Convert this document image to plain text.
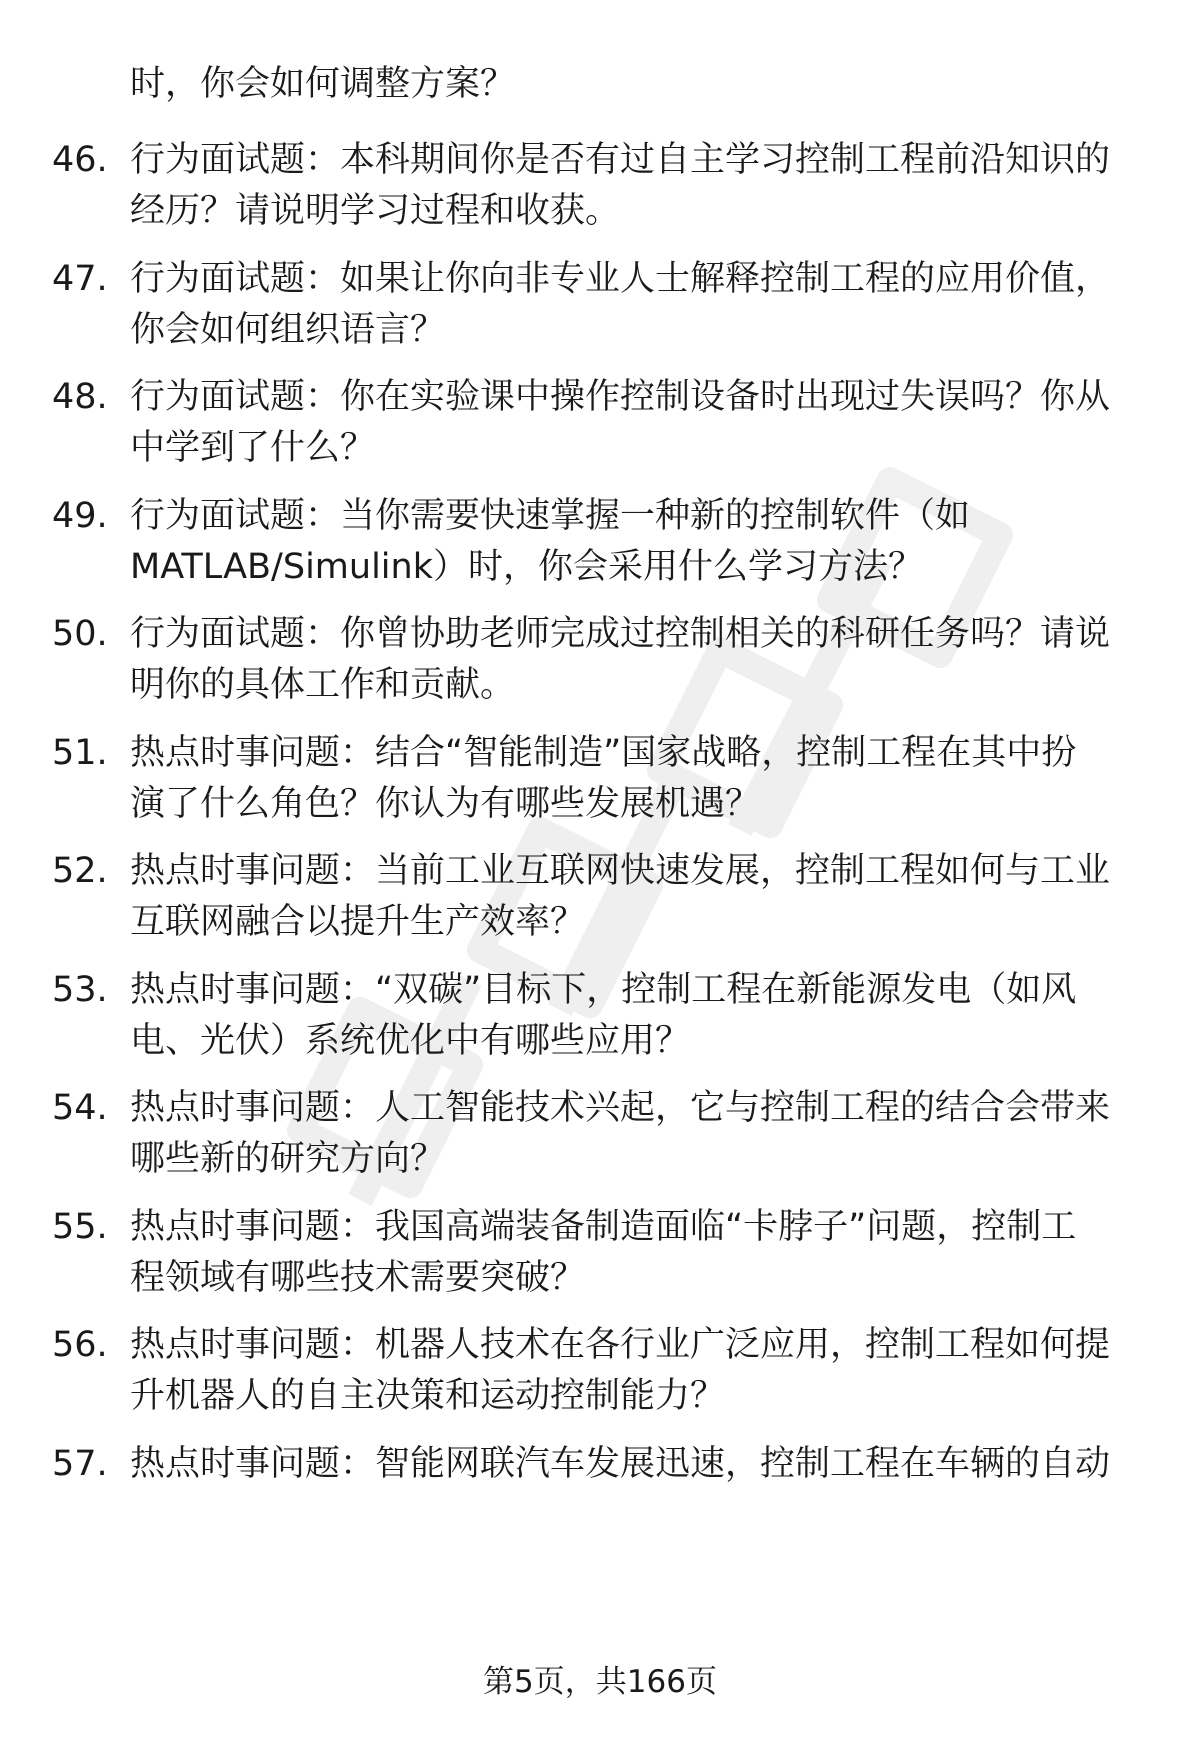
时，你会如何调整方案？
46. 行为面试题：本科期间你是否有过自主学习控制工程前沿知识的
经历？请说明学习过程和收获。
47. 行为面试题：如果让你向非专业人士解释控制工程的应用价值，
你会如何组织语言？
48. 行为面试题：你在实验课中操作控制设备时出现过失误吗？你从
中学到了什么？
49. 行为面试题：当你需要快速掌握一种新的控制软件（如
MATLAB/Simulink）时，你会采用什么学习方法？
50. 行为面试题：你曾协助老师完成过控制相关的科研任务吗？请说
明你的具体工作和贡献。
51. 热点时事问题：结合“智能制造”国家战略，控制工程在其中扮
演了什么角色？你认为有哪些发展机遇？
52. 热点时事问题：当前工业互联网快速发展，控制工程如何与工业
互联网融合以提升生产效率？
53. 热点时事问题：“双碳”目标下，控制工程在新能源发电（如风
电、光伏）系统优化中有哪些应用？
54. 热点时事问题：人工智能技术兴起，它与控制工程的结合会带来
哪些新的研究方向？
55. 热点时事问题：我国高端装备制造面临“卡脖子”问题，控制工
程领域有哪些技术需要突破？
56. 热点时事问题：机器人技术在各行业广泛应用，控制工程如何提
升机器人的自主决策和运动控制能力？
57. 热点时事问题：智能网联汽车发展迅速，控制工程在车辆的自动
第5页，共166页
